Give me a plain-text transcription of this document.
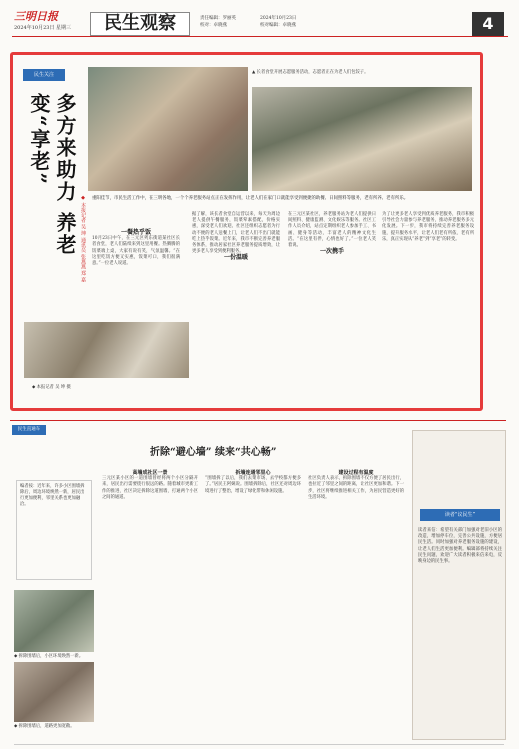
三明日报
2024年10月23日 星期三	民生观察	责任编辑：罗丽英
校对：卓晓燕
2024年10月23日
校对编辑：卓晓燕	4
民生关注	▲ 长者食堂开展志愿服务活动，志愿者正在为老人们包饺子。
多方来助力 养老变“享老”
◆ 本报记者 吴 坤 通讯员 张燕燕 郑 嘉 重阳佳节，市民生活工作中，在三明各地，一个个养老服务站点正在发挥作用，让老人们在家门口就能享受到便捷的助餐、日间照料等服务，老有所养、老有所乐。
一餐热乎饭
10月23日中午，在三元区列东街道某社区长者食堂，老人们陆续来到这里用餐。热腾腾的饭菜端上桌，大家有说有笑，气氛温馨。“在这里吃饭方便又实惠，饭菜可口，我们很满意。”一位老人说道。
据了解，该长者食堂自运营以来，每天为周边老人提供午餐服务，饭菜荤素搭配，价格实惠，深受老人们欢迎。社区还组织志愿者为行动不便的老人送餐上门，让老人们不出门就能吃上热乎饭菜。近年来，我市不断完善养老服务体系，推动居家社区养老服务提质增效，让更多老人享受到便利服务。
一份温暖
在三元区某社区，养老服务站为老人们提供日间照料、健康监测、文化娱乐等服务。社区工作人员介绍，站点定期组织老人参加手工、书画、健身等活动，丰富老人的精神文化生活。“在这里有伴，心情也好了。”一位老人笑着说。
一次携手
为了让更多老人享受到优质养老服务，我市积极引导社会力量参与养老服务，推动养老服务多元化发展。下一步，我市将持续完善养老服务设施，提升服务水平，让老人们老有所依、老有所乐，真正实现从“养老”到“享老”的转变。
◆ 本报记者 吴 坤 摄
民生直通车
折除“避心墙” 续来“共心畅”
编者按：近年来，许多小区围墙拆除后，周边环境焕然一新，居民出行更加便利，邻里关系也更加融洽。
◆ 拆除围墙后，小区环境焕然一新。
◆ 拆除围墙后，道路更加宽敞。
高墙成社区一景
三元区某小区的一道围墙曾经将两个小区分隔开来，居民出行需要绕行很远的路。随着城市更新工作的推进，社区决定拆除这道围墙，打通两个小区之间的通道。
拆墙连通邻里心
“围墙拆了以后，我们去菜市场、去学校都方便多了。”居民王阿姨说。围墙拆除后，社区还对周边环境进行了整治，增设了绿化带和休闲设施。
建设过程有温度
社区负责人表示，拆除围墙不仅方便了居民出行，也拉近了邻里之间的距离，让社区更加和谐。下一步，社区将继续推进相关工作，为居民营造更好的生活环境。
读者“议民生”
读者来信：希望有关部门加强对老旧小区的改造，增加停车位，完善公共设施，方便居民生活。同时加强对养老服务设施的建设，让老人们生活更加便利。编辑部将持续关注民生问题，欢迎广大读者积极来信来电，反映身边的民生事。
